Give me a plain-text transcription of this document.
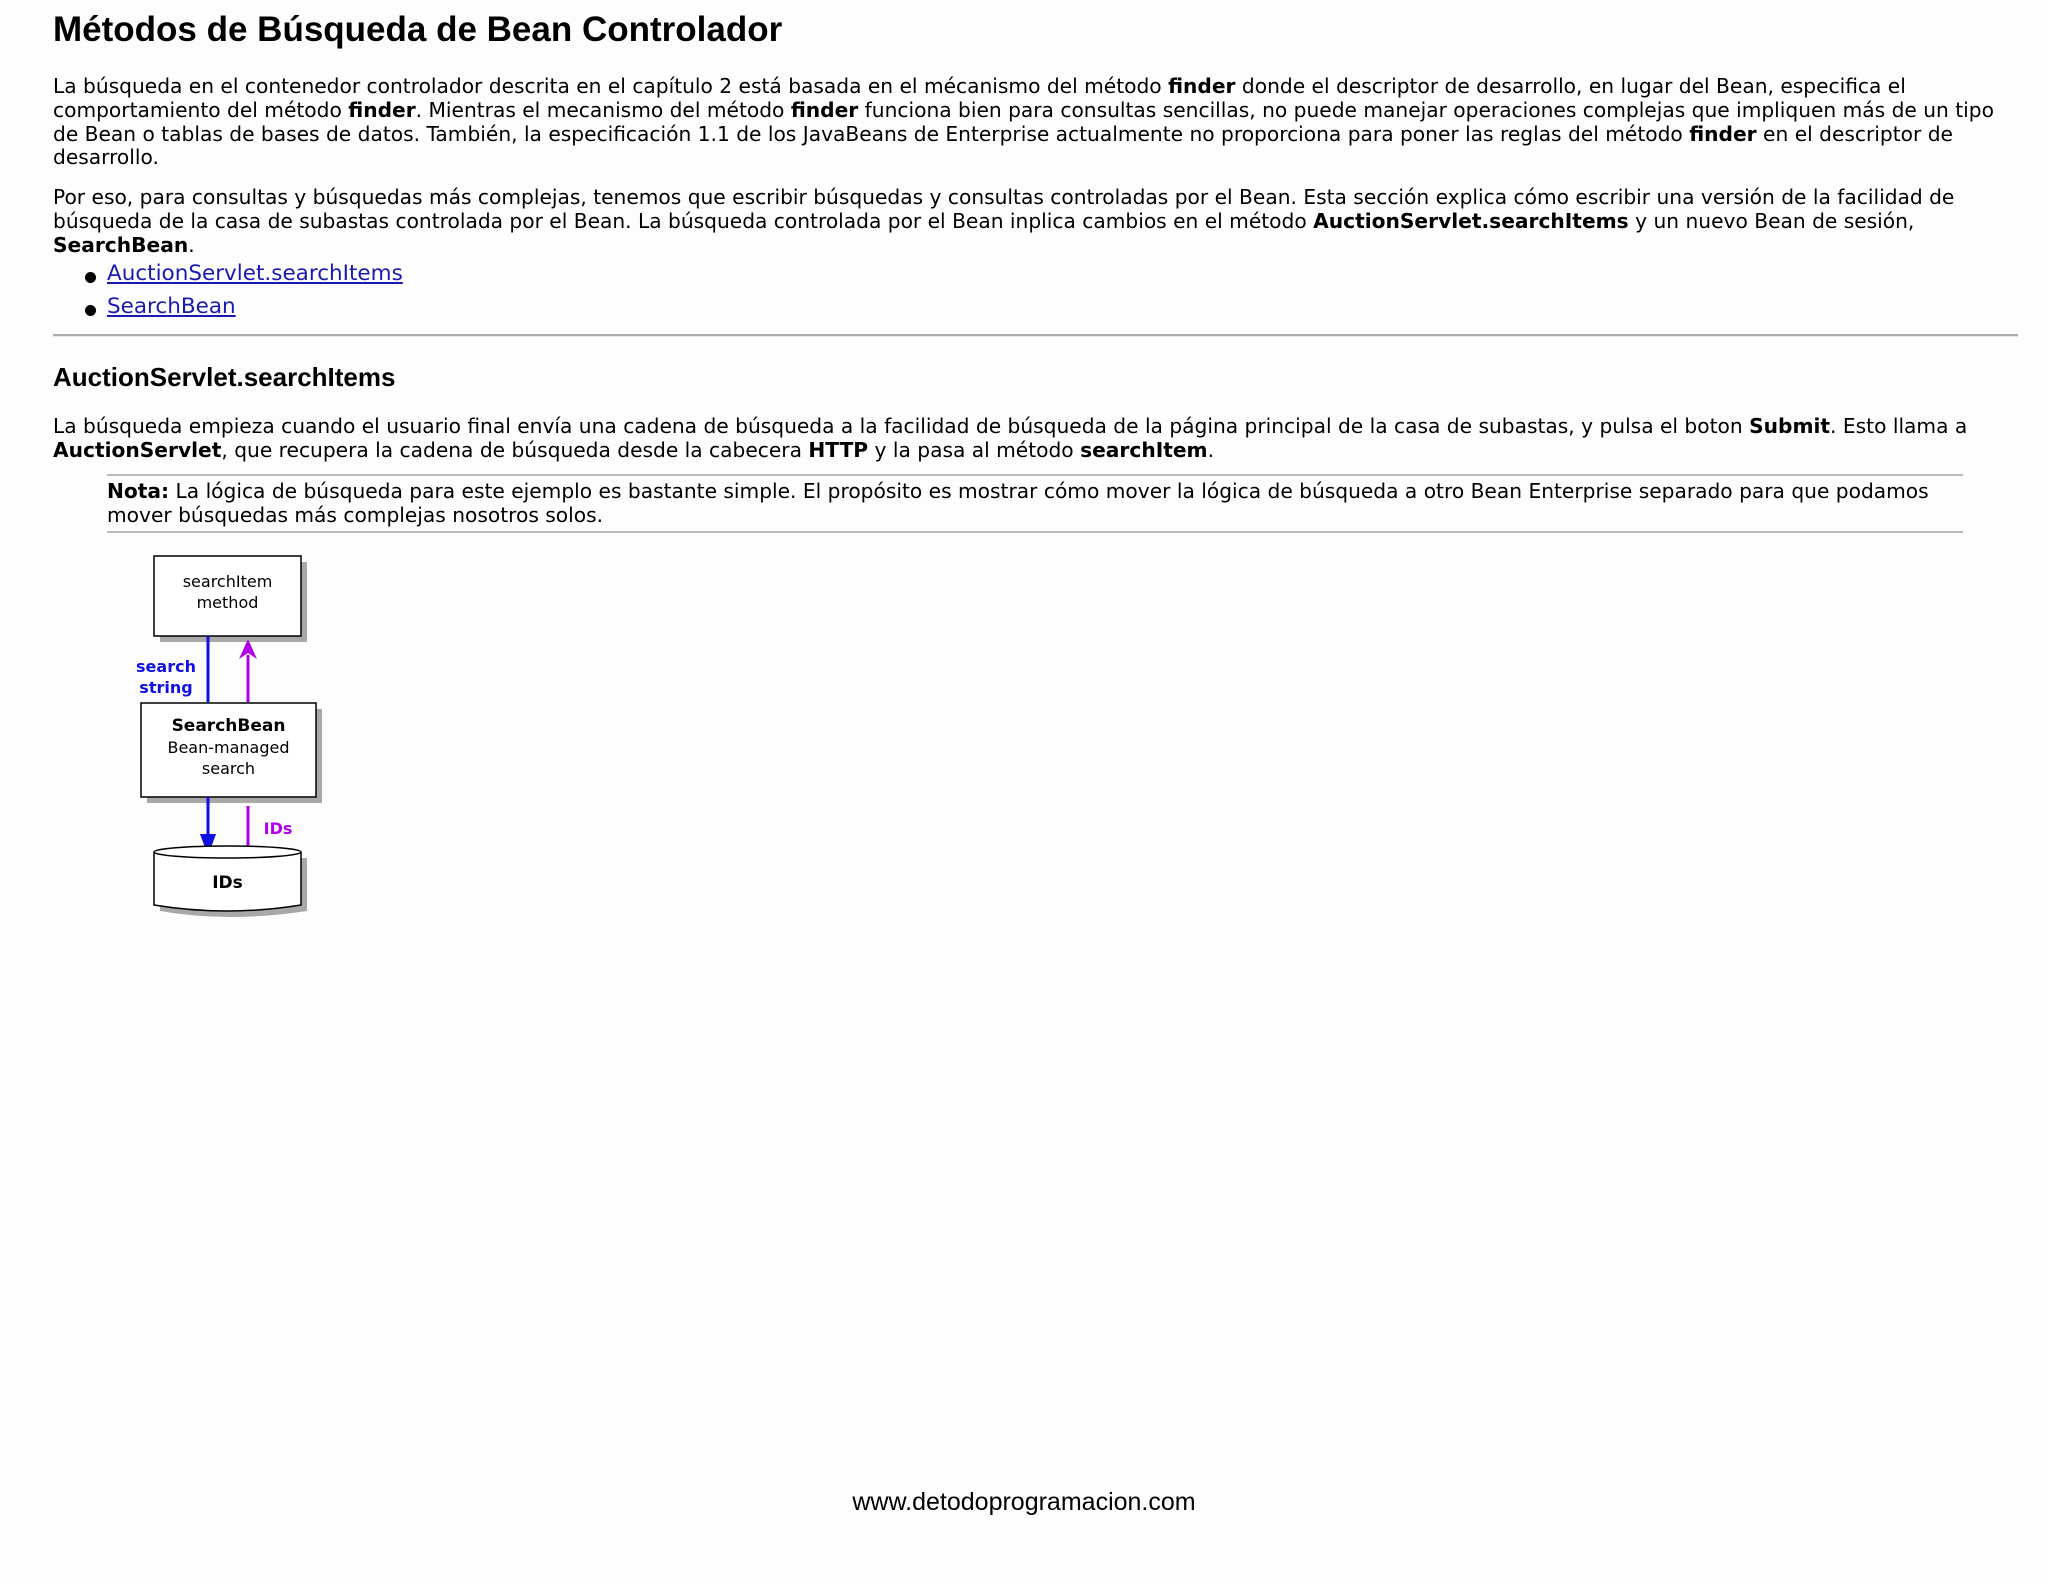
Métodos de Búsqueda de Bean Controlador

La búsqueda en el contenedor controlador descrita en el capítulo 2 está basada en el mécanismo del método finder donde el descriptor de desarrollo, en lugar del Bean, especifica el comportamiento del método finder. Mientras el mecanismo del método finder funciona bien para consultas sencillas, no puede manejar operaciones complejas que impliquen más de un tipo de Bean o tablas de bases de datos. También, la especificación 1.1 de los JavaBeans de Enterprise actualmente no proporciona para poner las reglas del método finder en el descriptor de desarrollo.

Por eso, para consultas y búsquedas más complejas, tenemos que escribir búsquedas y consultas controladas por el Bean. Esta sección explica cómo escribir una versión de la facilidad de búsqueda de la casa de subastas controlada por el Bean. La búsqueda controlada por el Bean inplica cambios en el método AuctionServlet.searchItems y un nuevo Bean de sesión, SearchBean.

AuctionServlet.searchItems
SearchBean
AuctionServlet.searchItems

La búsqueda empieza cuando el usuario final envía una cadena de búsqueda a la facilidad de búsqueda de la página principal de la casa de subastas, y pulsa el boton Submit. Esto llama a AuctionServlet, que recupera la cadena de búsqueda desde la cabecera HTTP y la pasa al método searchItem.

Nota: La lógica de búsqueda para este ejemplo es bastante simple. El propósito es mostrar cómo mover la lógica de búsqueda a otro Bean Enterprise separado para que podamos mover búsquedas más complejas nosotros solos.

searchItem
method
search
string
IDs
SearchBean
Bean-managed
search
IDs
www.detodoprogramacion.com
